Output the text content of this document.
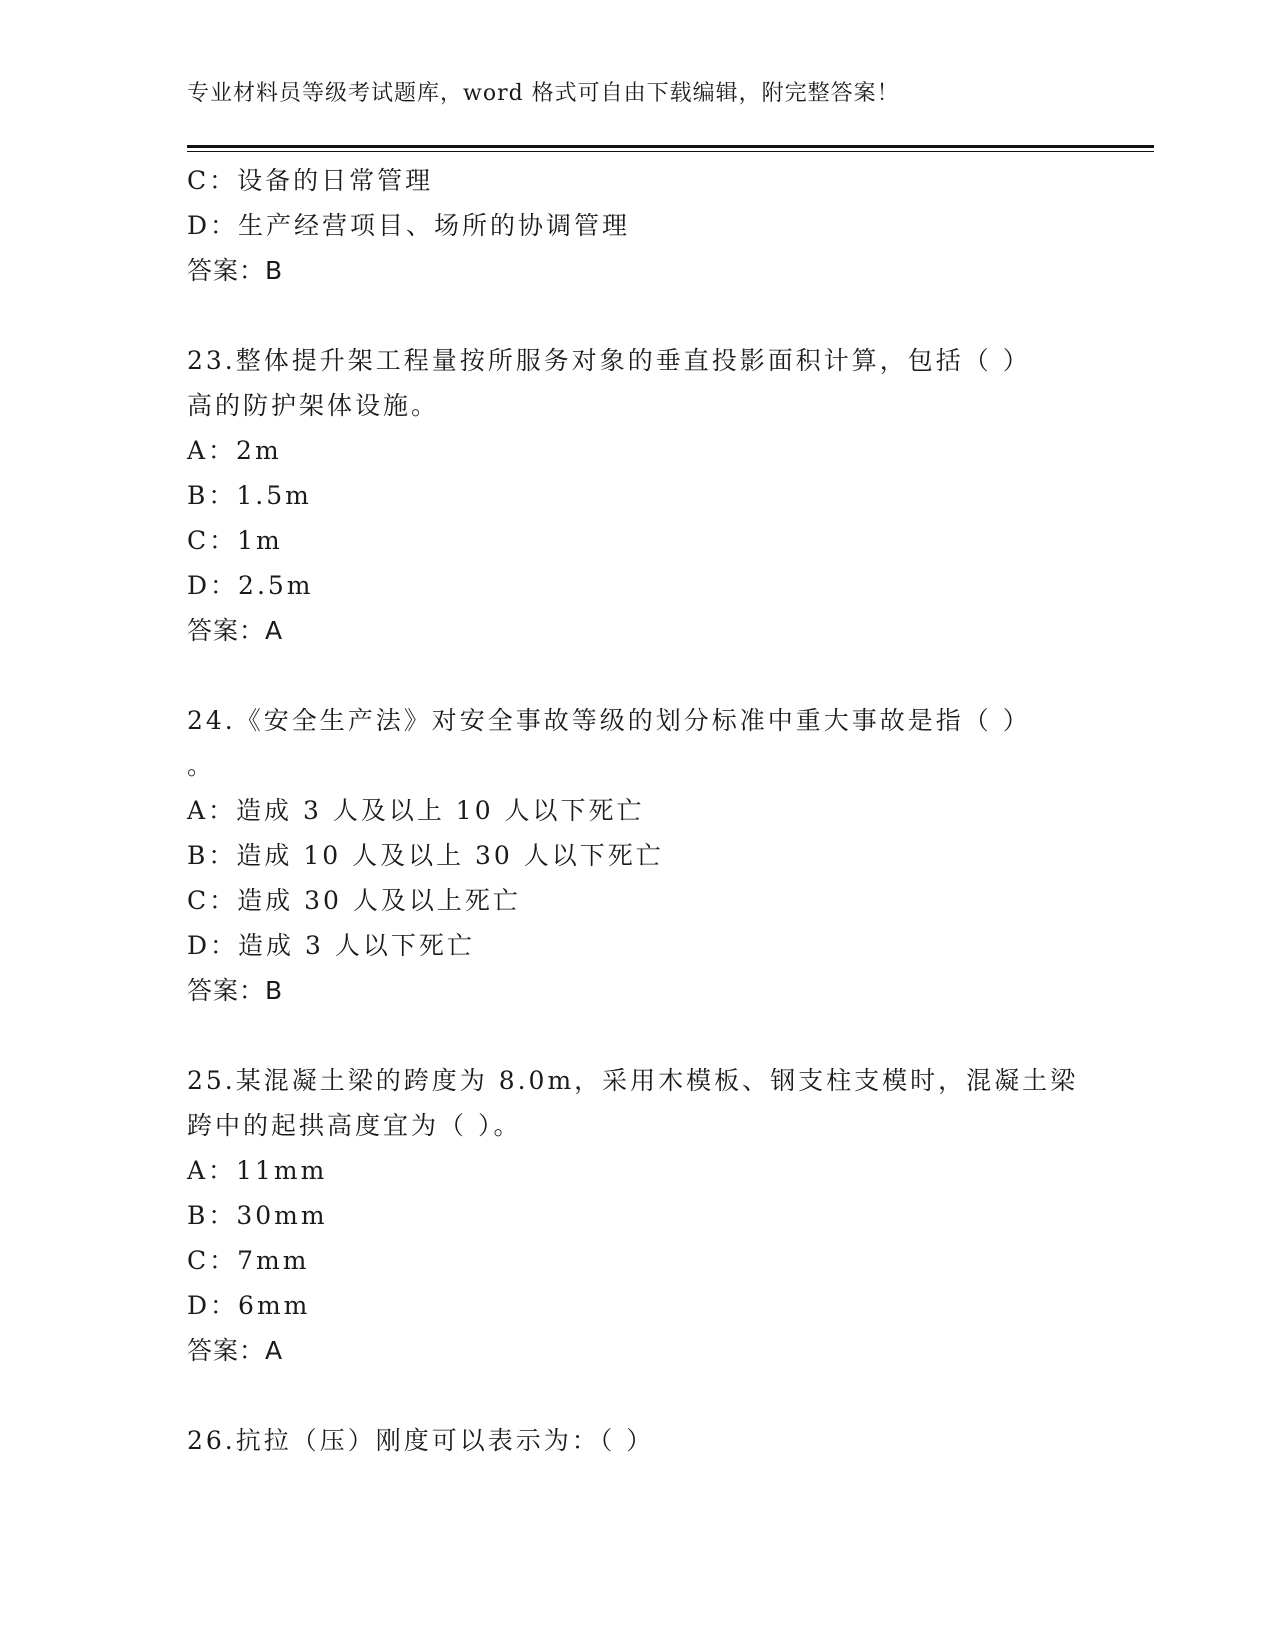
专业材料员等级考试题库，word 格式可自由下载编辑，附完整答案！
C：设备的日常管理
D：生产经营项目、场所的协调管理
答案：B
23.整体提升架工程量按所服务对象的垂直投影面积计算，包括（ ）
高的防护架体设施。
A：2m
B：1.5m
C：1m
D：2.5m
答案：A
24.《安全生产法》对安全事故等级的划分标准中重大事故是指（ ）
。
A：造成 3 人及以上 10 人以下死亡
B：造成 10 人及以上 30 人以下死亡
C：造成 30 人及以上死亡
D：造成 3 人以下死亡
答案：B
25.某混凝土梁的跨度为 8.0m，采用木模板、钢支柱支模时，混凝土梁
跨中的起拱高度宜为（ ）。
A：11mm
B：30mm
C：7mm
D：6mm
答案：A
26.抗拉（压）刚度可以表示为：（ ）
